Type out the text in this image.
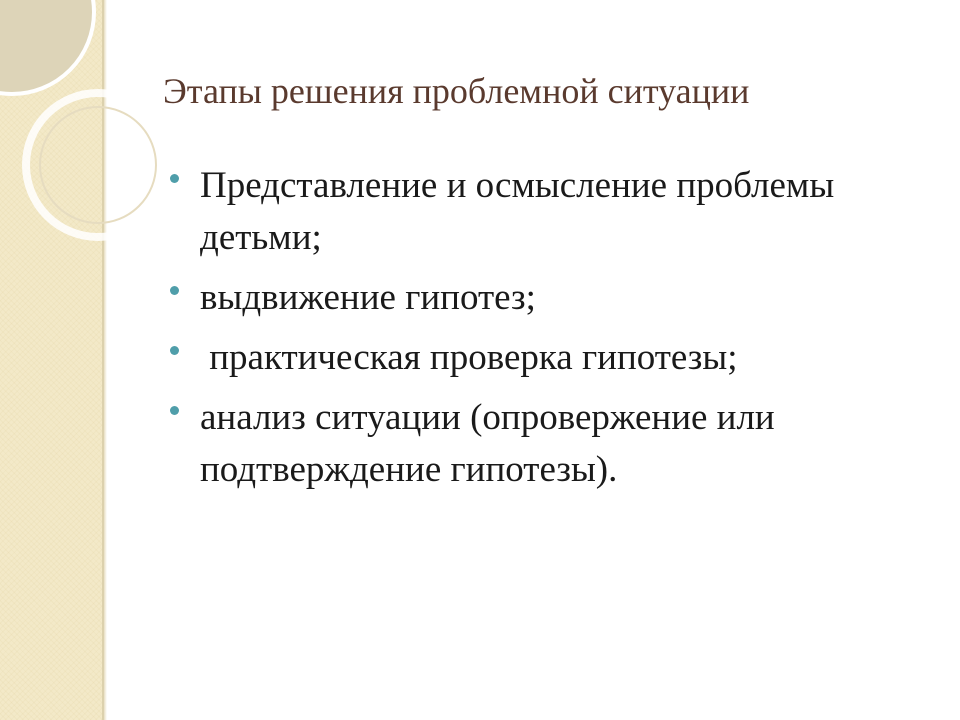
Этапы решения проблемной ситуации
Представление и осмысление проблемы детьми;
выдвижение гипотез;
практическая проверка гипотезы;
анализ ситуации (опровержение или подтверждение гипотезы).
